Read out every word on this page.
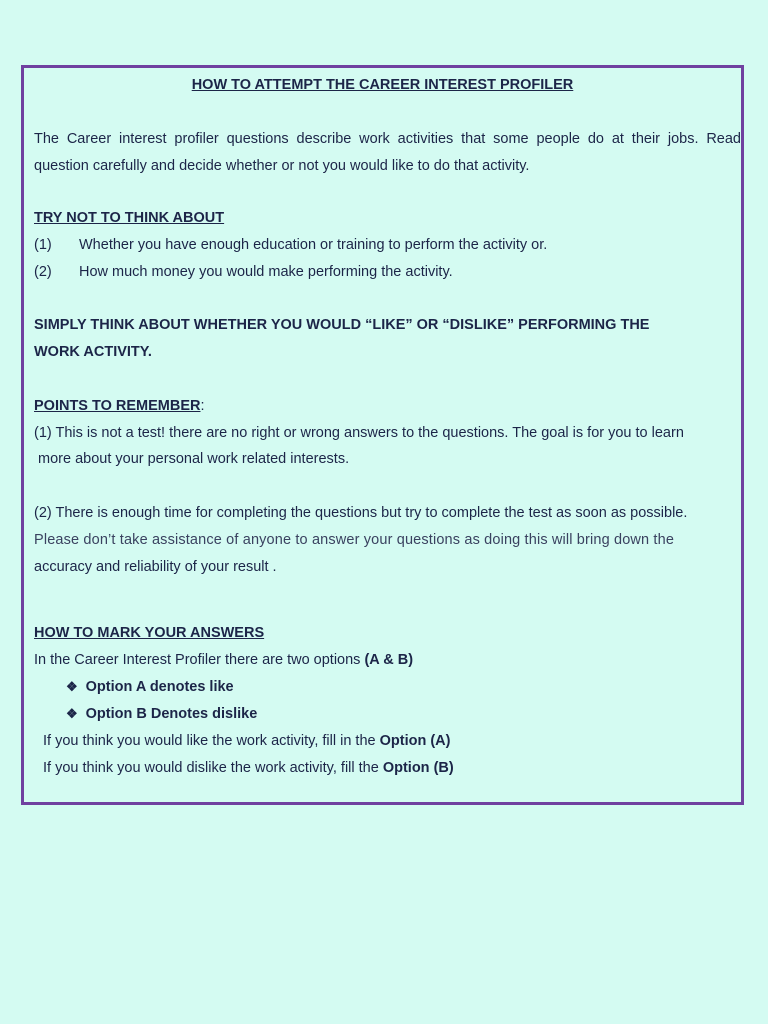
HOW TO ATTEMPT THE CAREER INTEREST PROFILER
The Career interest profiler questions describe work activities that some people do at their jobs. Read
question carefully and decide whether or not you would like to do that activity.
TRY NOT TO THINK ABOUT
(1) Whether you have enough education or training to perform the activity or.
(2) How much money you would make performing the activity.
SIMPLY THINK ABOUT WHETHER YOU WOULD “LIKE” OR “DISLIKE” PERFORMING THE
WORK ACTIVITY.
POINTS TO REMEMBER:
(1) This is not a test! there are no right or wrong answers to the questions. The goal is for you to learn
more about your personal work related interests.
(2) There is enough time for completing the questions but try to complete the test as soon as possible.
Please don’t take assistance of anyone to answer your questions as doing this will bring down the
accuracy and reliability of your result .
HOW TO MARK YOUR ANSWERS
In the Career Interest Profiler there are two options (A & B)
❖ Option A denotes like
❖ Option B Denotes dislike
If you think you would like the work activity, fill in the Option (A)
If you think you would dislike the work activity, fill the Option (B)
